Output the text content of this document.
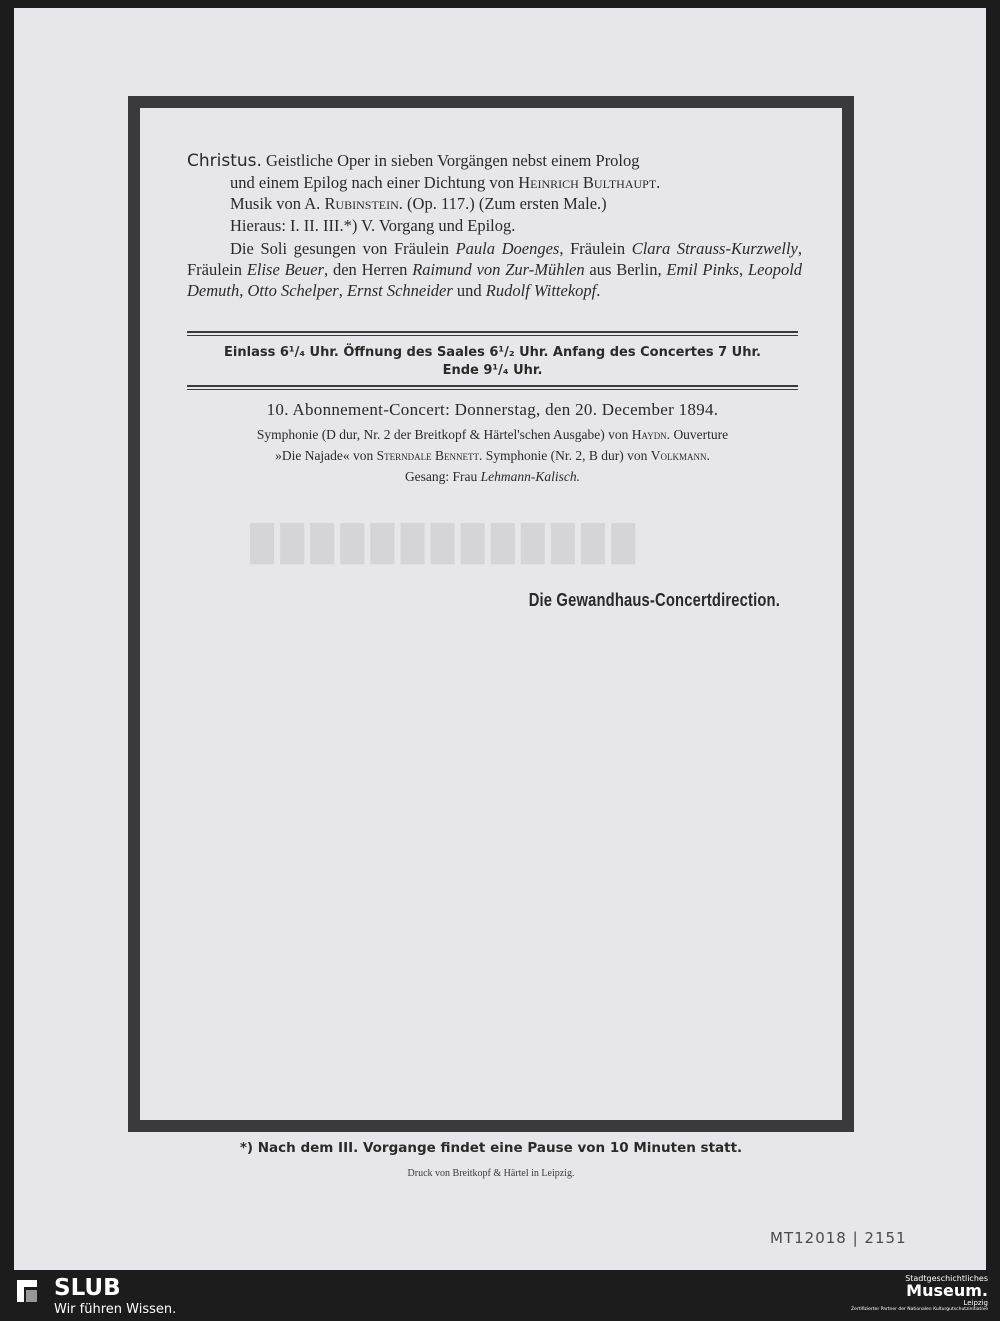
█████████████
Christus. Geistliche Oper in sieben Vorgängen nebst einem Prolog
und einem Epilog nach einer Dichtung von Heinrich Bulthaupt.
Musik von A. Rubinstein. (Op. 117.) (Zum ersten Male.)
Hieraus: I. II. III.*) V. Vorgang und Epilog.
Die Soli gesungen von Fräulein Paula Doenges, Fräulein Clara Strauss-Kurzwelly, Fräulein Elise Beuer, den Herren Raimund von Zur-Mühlen aus Berlin, Emil Pinks, Leopold Demuth, Otto Schelper, Ernst Schneider und Rudolf Wittekopf.
Einlass 6¹/₄ Uhr. Öffnung des Saales 6¹/₂ Uhr. Anfang des Concertes 7 Uhr.
Ende 9¹/₄ Uhr.
10. Abonnement-Concert: Donnerstag, den 20. December 1894.
Symphonie (D dur, Nr. 2 der Breitkopf & Härtel'schen Ausgabe) von Haydn. Ouverture
»Die Najade« von Sterndale Bennett. Symphonie (Nr. 2, B dur) von Volkmann.
Gesang: Frau Lehmann-Kalisch.
Die Gewandhaus-Concertdirection.
*) Nach dem III. Vorgange findet eine Pause von 10 Minuten statt.
Druck von Breitkopf & Härtel in Leipzig.
MT12018 | 2151
SLUB
Wir führen Wissen.
Stadtgeschichtliches
Museum.
Leipzig
Zertifizierter Partner der Nationalen Kulturgutschutzinitiative
